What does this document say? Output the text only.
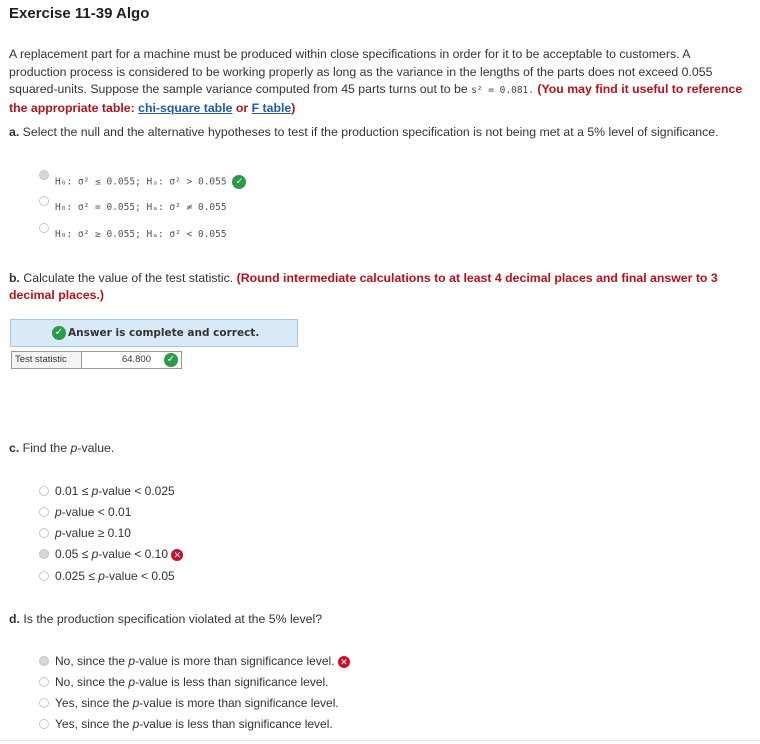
Exercise 11-39 Algo
A replacement part for a machine must be produced within close specifications in order for it to be acceptable to customers. A
production process is considered to be working properly as long as the variance in the lengths of the parts does not exceed 0.055
squared-units. Suppose the sample variance computed from 45 parts turns out to be s² = 0.081. (You may find it useful to reference
the appropriate table: chi-square table or F table)
a. Select the null and the alternative hypotheses to test if the production specification is not being met at a 5% level of significance.
H₀: σ² ≤ 0.055; Hₐ: σ² > 0.055 ✓
H₀: σ² = 0.055; Hₐ: σ² ≠ 0.055
H₀: σ² ≥ 0.055; Hₐ: σ² < 0.055
b. Calculate the value of the test statistic. (Round intermediate calculations to at least 4 decimal places and final answer to 3
decimal places.)
✓ Answer is complete and correct.
Test statistic	64.800 ✓
c. Find the p-value.
0.01 ≤ p-value < 0.025
p-value < 0.01
p-value ≥ 0.10
0.05 ≤ p-value < 0.10 ✕
0.025 ≤ p-value < 0.05
d. Is the production specification violated at the 5% level?
No, since the p-value is more than significance level. ✕
No, since the p-value is less than significance level.
Yes, since the p-value is more than significance level.
Yes, since the p-value is less than significance level.
